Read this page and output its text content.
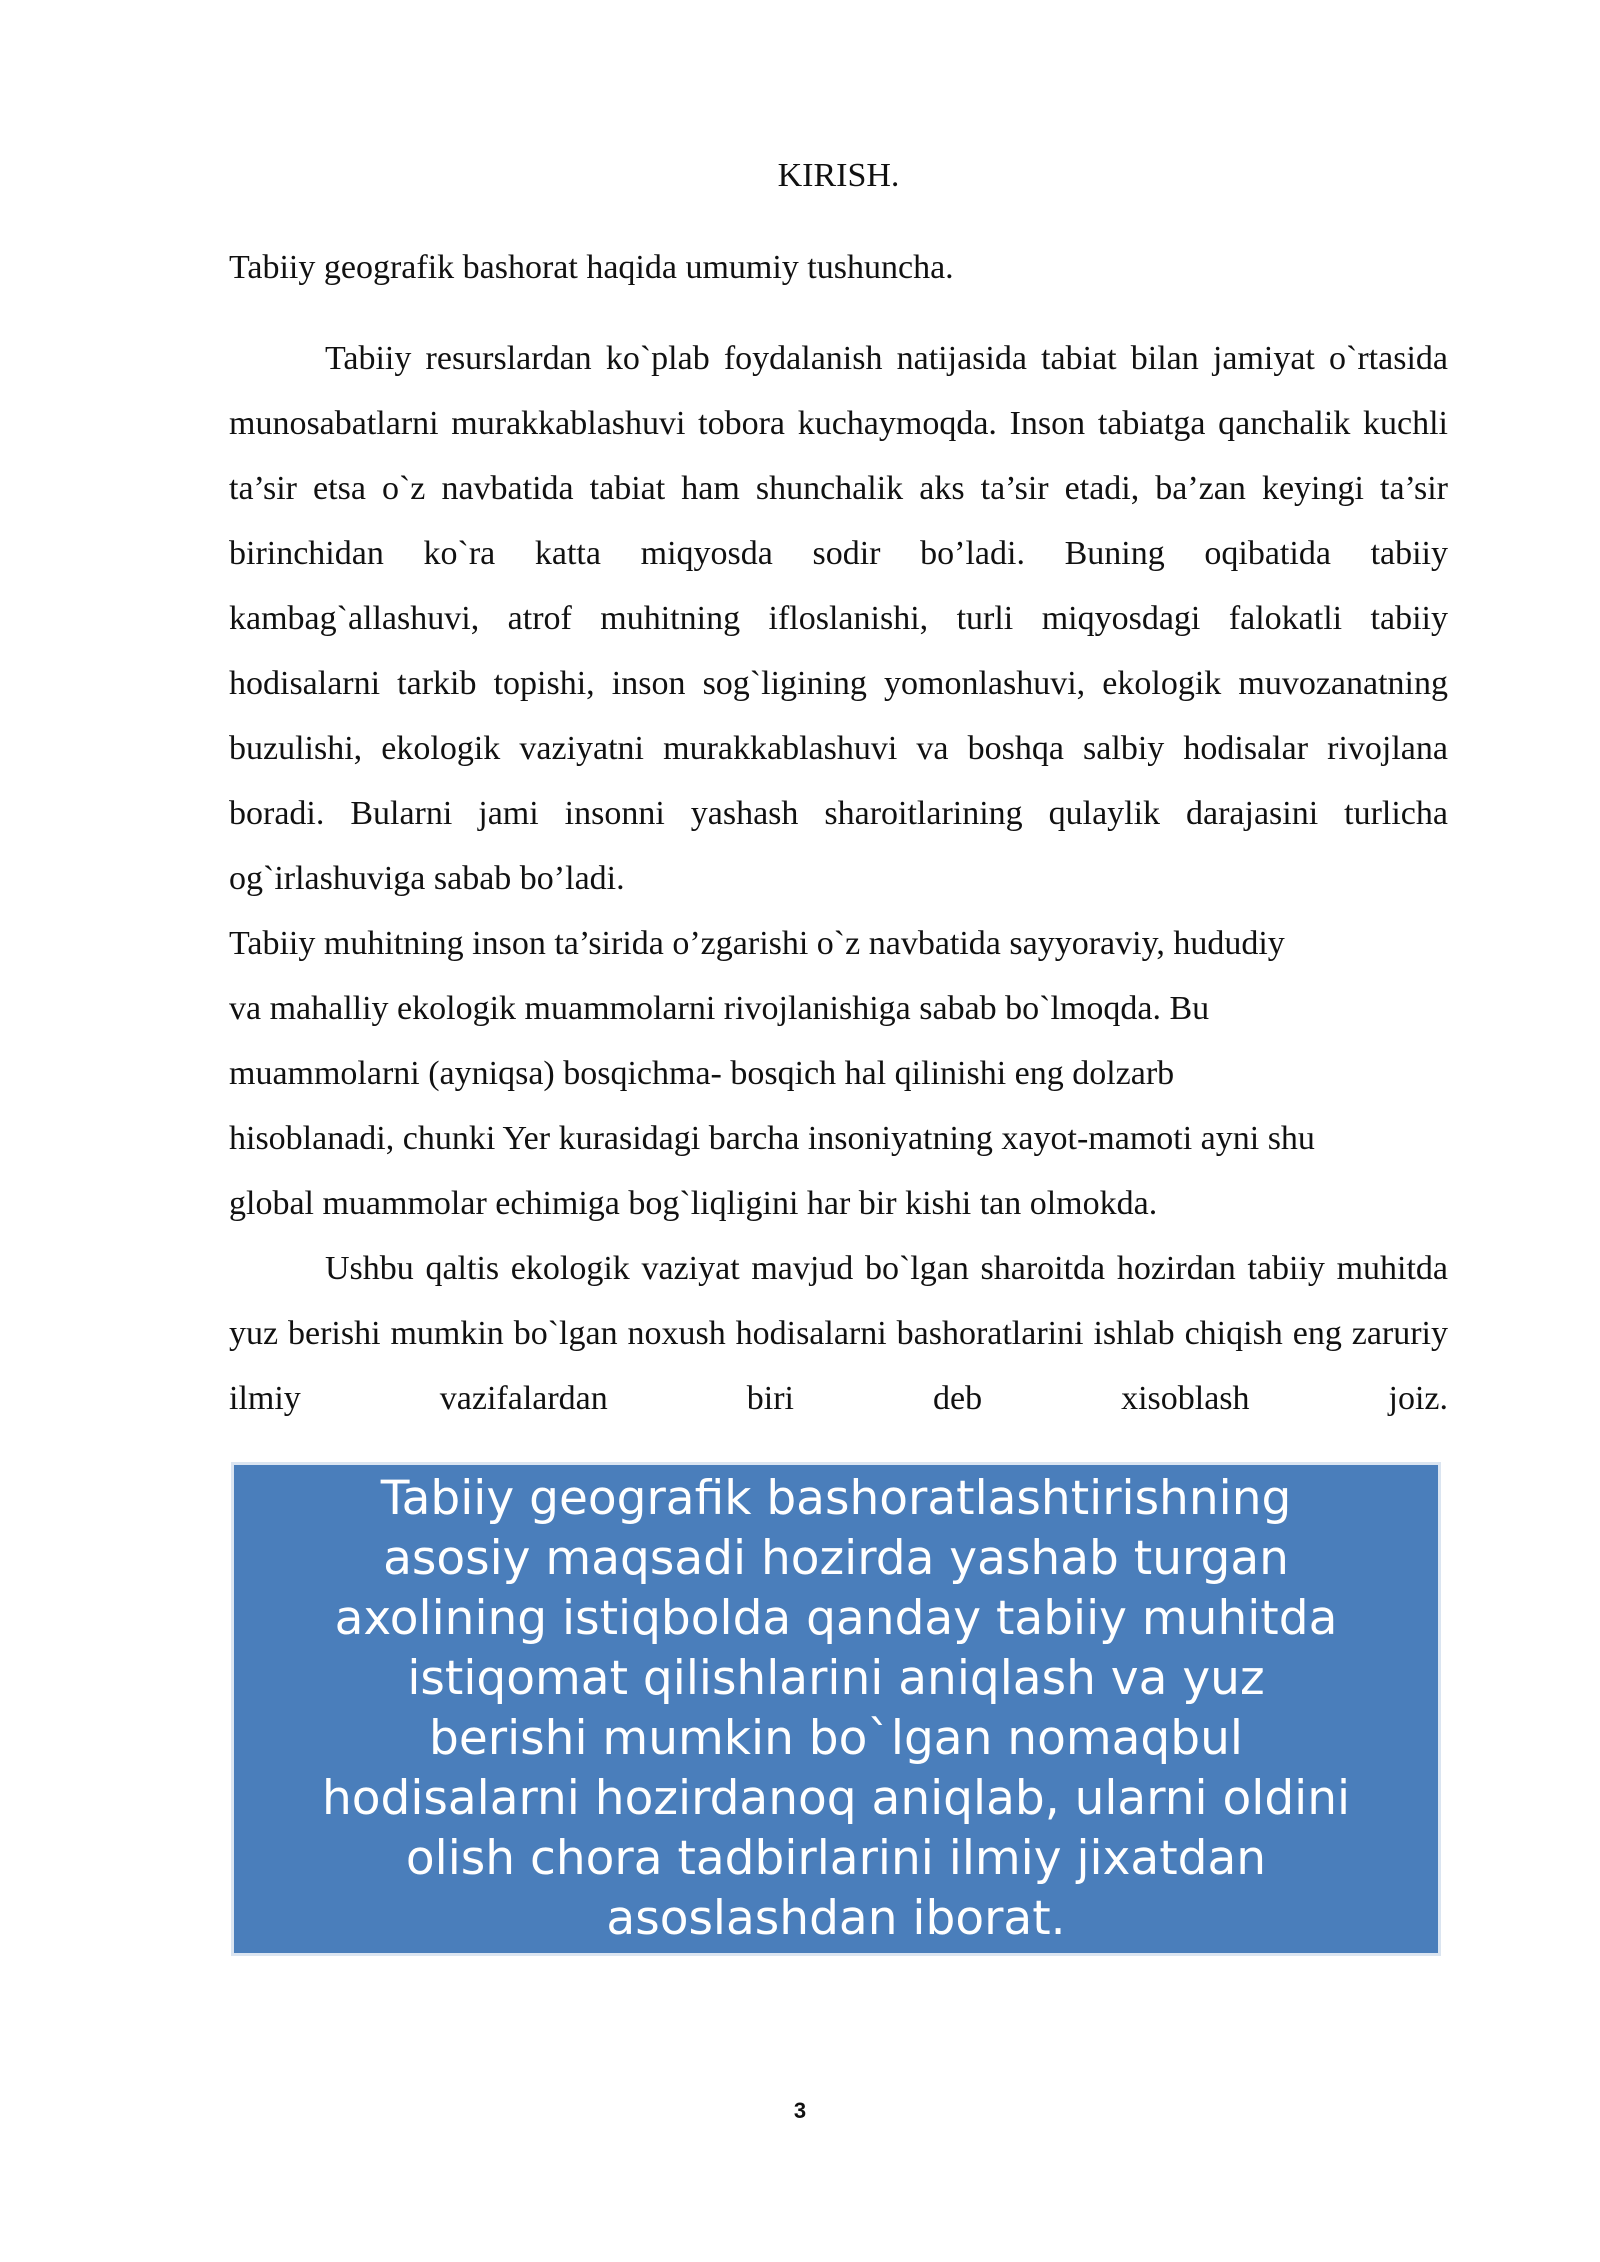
KIRISH.
Tabiiy geografik bashorat haqida umumiy tushuncha.

Tabiiy resurslardan ko`plab foydalanish natijasida tabiat bilan jamiyat o`rtasida munosabatlarni murakkablashuvi tobora kuchaymoqda. Inson tabiatga qanchalik kuchli ta’sir etsa o`z navbatida tabiat ham shunchalik aks ta’sir etadi, ba’zan keyingi ta’sir birinchidan ko`ra katta miqyosda sodir bo’ladi. Buning oqibatida tabiiy kambag`allashuvi, atrof muhitning ifloslanishi, turli miqyosdagi falokatli tabiiy hodisalarni tarkib topishi, inson sog`ligining yomonlashuvi, ekologik muvozanatning buzulishi, ekologik vaziyatni murakkablashuvi va boshqa salbiy hodisalar rivojlana boradi. Bularni jami insonni yashash sharoitlarining qulaylik darajasini turlicha og`irlashuviga sabab bo’ladi.

Tabiiy muhitning inson ta’sirida o’zgarishi o`z navbatida sayyoraviy, hududiy
va mahalliy ekologik muammolarni rivojlanishiga sabab bo`lmoqda. Bu
muammolarni (ayniqsa) bosqichma- bosqich hal qilinishi eng dolzarb
hisoblanadi, chunki Yer kurasidagi barcha insoniyatning xayot-mamoti ayni shu
global muammolar echimiga bog`liqligini har bir kishi tan olmokda.

Ushbu qaltis ekologik vaziyat mavjud bo`lgan sharoitda hozirdan tabiiy muhitda yuz berishi mumkin bo`lgan noxush hodisalarni bashoratlarini ishlab chiqish eng zaruriy ilmiy vazifalardan biri deb xisoblash joiz.

Tabiiy geografik bashoratlashtirishning
asosiy maqsadi hozirda yashab turgan
axolining istiqbolda qanday tabiiy muhitda
istiqomat qilishlarini aniqlash va yuz
berishi mumkin bo`lgan nomaqbul
hodisalarni hozirdanoq aniqlab, ularni oldini
olish chora tadbirlarini ilmiy jixatdan
asoslashdan iborat.

3
